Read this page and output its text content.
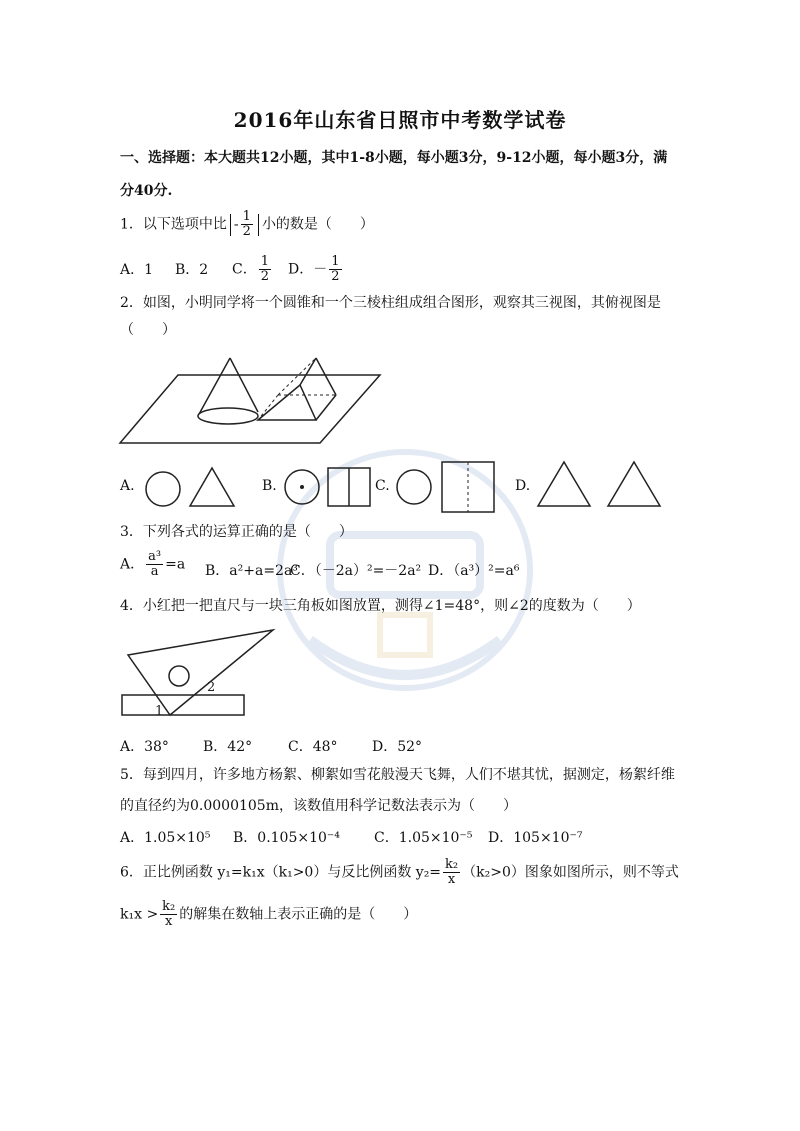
2016年山东省日照市中考数学试卷
一、选择题：本大题共12小题，其中1-8小题，每小题3分，9-12小题，每小题3分，满
分40分.
1．以下选项中比 - $\frac{1}{2}$ 小的数是（　　）
A．1 B．2 C． $\frac{1}{2}$ D．－ $\frac{1}{2}$
2．如图，小明同学将一个圆锥和一个三棱柱组成组合图形，观察其三视图，其俯视图是
（　　）
A.	B.	C.	D.
3．下列各式的运算正确的是（　　）
A． $\frac{\text{a³}}{a} =a$ B．a²+a=2a³
C．（－2a）²=－2a² D．（a³）²=a⁶
4．小红把一把直尺与一块三角板如图放置，测得∠1=48°，则∠2的度数为（　　）
1
2
A．38° B．42°	C．48° D．52°
5．每到四月，许多地方杨絮、柳絮如雪花般漫天飞舞，人们不堪其忧，据测定，杨絮纤维
的直径约为0.0000105m，该数值用科学记数法表示为（　　）
A．1.05×10⁵ B．0.105×10⁻⁴ C．1.05×10⁻⁵ D．105×10⁻⁷
6．正比例函数 y₁=k₁x（k₁>0）与反比例函数 $y_2= \frac{\text{k₂}}{x} (k_2>0)$图象如图所示，则不等式
$k_1x > \frac{\text{k₂}}{x}$ 的解集在数轴上表示正确的是（　　）
